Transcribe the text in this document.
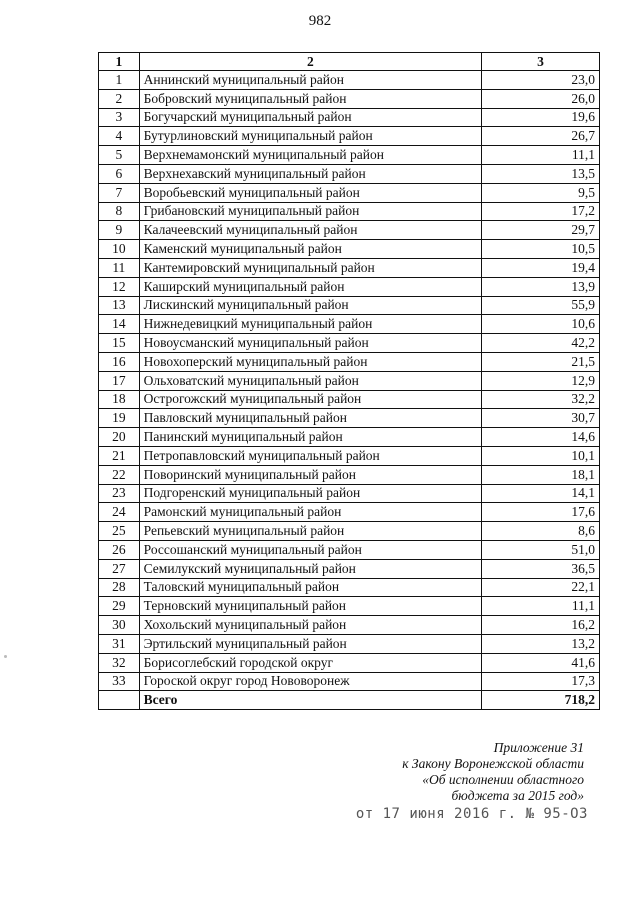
982
1	2	3
1	Аннинский муниципальный район	23,0
2	Бобровский муниципальный район	26,0
3	Богучарский муниципальный район	19,6
4	Бутурлиновский муниципальный район	26,7
5	Верхнемамонский муниципальный район	11,1
6	Верхнехавский муниципальный район	13,5
7	Воробьевский муниципальный район	9,5
8	Грибановский муниципальный район	17,2
9	Калачеевский муниципальный район	29,7
10	Каменский муниципальный район	10,5
11	Кантемировский муниципальный район	19,4
12	Каширский муниципальный район	13,9
13	Лискинский муниципальный район	55,9
14	Нижнедевицкий муниципальный район	10,6
15	Новоусманский муниципальный район	42,2
16	Новохоперский муниципальный район	21,5
17	Ольховатский муниципальный район	12,9
18	Острогожский муниципальный район	32,2
19	Павловский муниципальный район	30,7
20	Панинский муниципальный район	14,6
21	Петропавловский муниципальный район	10,1
22	Поворинский муниципальный район	18,1
23	Подгоренский муниципальный район	14,1
24	Рамонский муниципальный район	17,6
25	Репьевский муниципальный район	8,6
26	Россошанский муниципальный район	51,0
27	Семилукский муниципальный район	36,5
28	Таловский муниципальный район	22,1
29	Терновский муниципальный район	11,1
30	Хохольский муниципальный район	16,2
31	Эртильский муниципальный район	13,2
32	Борисоглебский городской округ	41,6
33	Гороской округ город Нововоронеж	17,3
	Всего	718,2
Приложение 31
к Закону Воронежской области
«Об исполнении областного
бюджета за 2015 год»
от 17 июня 2016 г. № 95-ОЗ
